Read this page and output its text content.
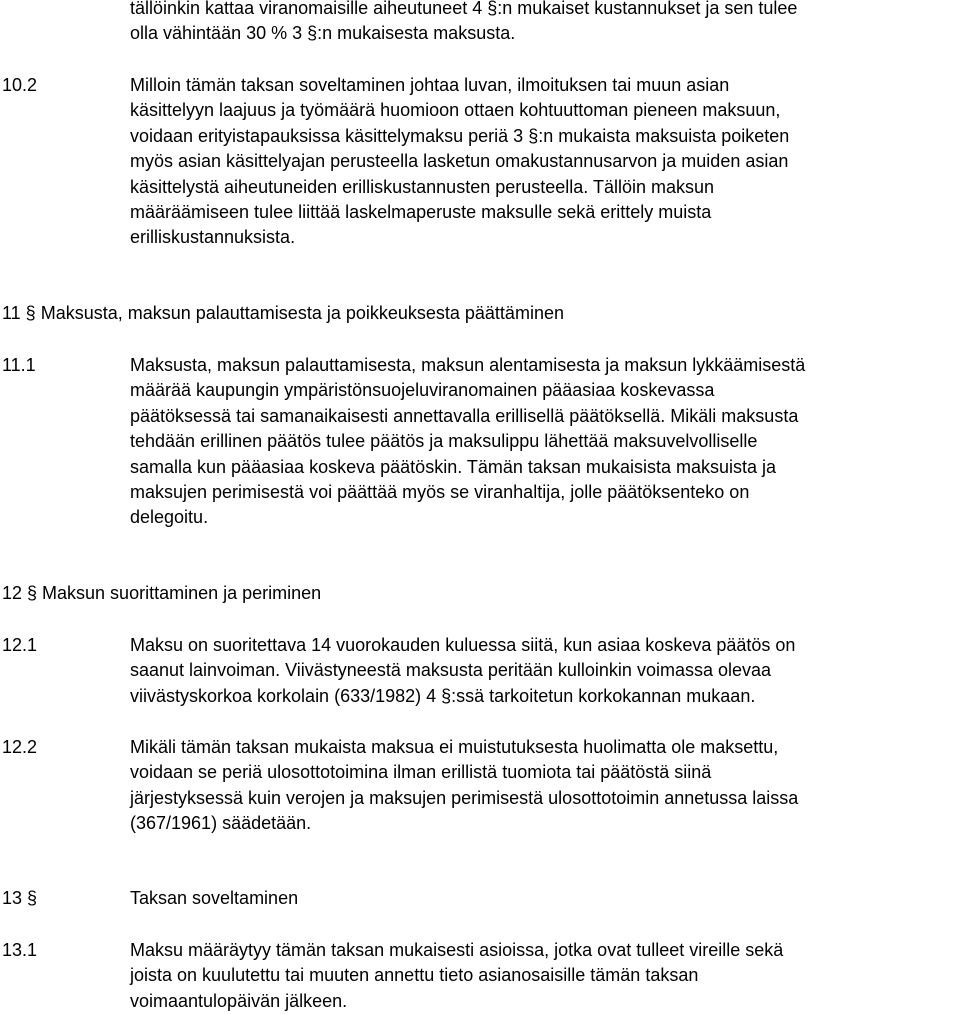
tällöinkin kattaa viranomaisille aiheutuneet 4 §:n mukaiset kustannukset ja sen tulee
olla vähintään 30 % 3 §:n mukaisesta maksusta.
10.2	Milloin tämän taksan soveltaminen johtaa luvan, ilmoituksen tai muun asian
käsittelyyn laajuus ja työmäärä huomioon ottaen kohtuuttoman pieneen maksuun,
voidaan erityistapauksissa käsittelymaksu periä 3 §:n mukaista maksuista poiketen
myös asian käsittelyajan perusteella lasketun omakustannusarvon ja muiden asian
käsittelystä aiheutuneiden erilliskustannusten perusteella. Tällöin maksun
määräämiseen tulee liittää laskelmaperuste maksulle sekä erittely muista
erilliskustannuksista.
11 § Maksusta, maksun palauttamisesta ja poikkeuksesta päättäminen
11.1	Maksusta, maksun palauttamisesta, maksun alentamisesta ja maksun lykkäämisestä
määrää kaupungin ympäristönsuojeluviranomainen pääasiaa koskevassa
päätöksessä tai samanaikaisesti annettavalla erillisellä päätöksellä. Mikäli maksusta
tehdään erillinen päätös tulee päätös ja maksulippu lähettää maksuvelvolliselle
samalla kun pääasiaa koskeva päätöskin. Tämän taksan mukaisista maksuista ja
maksujen perimisestä voi päättää myös se viranhaltija, jolle päätöksenteko on
delegoitu.
12 § Maksun suorittaminen ja periminen
12.1	Maksu on suoritettava 14 vuorokauden kuluessa siitä, kun asiaa koskeva päätös on
saanut lainvoiman. Viivästyneestä maksusta peritään kulloinkin voimassa olevaa
viivästyskorkoa korkolain (633/1982) 4 §:ssä tarkoitetun korkokannan mukaan.
12.2	Mikäli tämän taksan mukaista maksua ei muistutuksesta huolimatta ole maksettu,
voidaan se periä ulosottotoimina ilman erillistä tuomiota tai päätöstä siinä
järjestyksessä kuin verojen ja maksujen perimisestä ulosottotoimin annetussa laissa
(367/1961) säädetään.
13 §	Taksan soveltaminen
13.1	Maksu määräytyy tämän taksan mukaisesti asioissa, jotka ovat tulleet vireille sekä
joista on kuulutettu tai muuten annettu tieto asianosaisille tämän taksan
voimaantulopäivän jälkeen.
